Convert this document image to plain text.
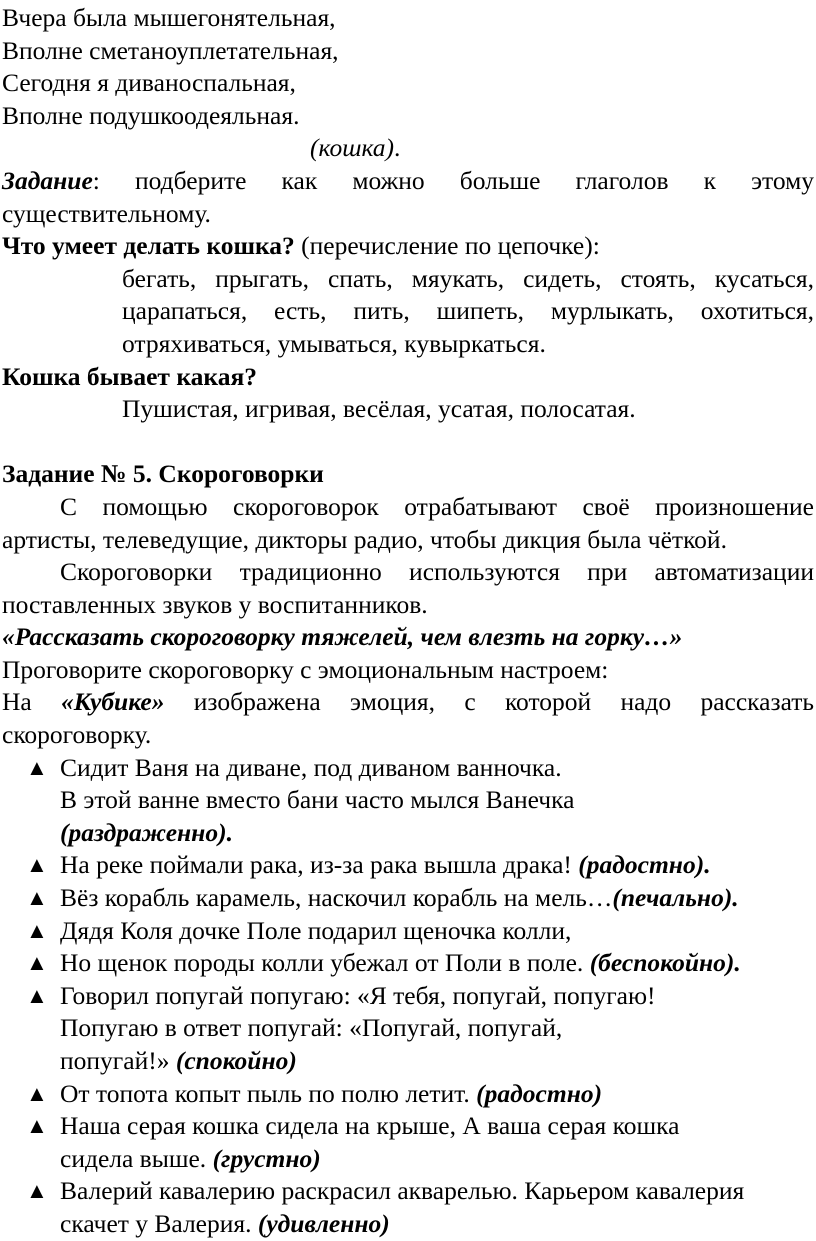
Вчера была мышегонятельная,
Вполне сметаноуплетательная,
Сегодня я диваноспальная,
Вполне подушкоодеяльная.
(кошка).
Задание: подберите как можно больше глаголов к этому
существительному.
Что умеет делать кошка? (перечисление по цепочке):
бегать, прыгать, спать, мяукать, сидеть, стоять, кусаться,
царапаться, есть, пить, шипеть, мурлыкать, охотиться,
отряхиваться, умываться, кувыркаться.
Кошка бывает какая?
Пушистая, игривая, весёлая, усатая, полосатая.
Задание № 5. Скороговорки
С помощью скороговорок отрабатывают своё произношение
артисты, телеведущие, дикторы радио, чтобы дикция была чёткой.
Скороговорки традиционно используются при автоматизации
поставленных звуков у воспитанников.
«Рассказать скороговорку тяжелей, чем влезть на горку…»
Проговорите скороговорку с эмоциональным настроем:
На «Кубике» изображена эмоция, с которой надо рассказать
скороговорку.
▲ Сидит Ваня на диване, под диваном ванночка.
В этой ванне вместо бани часто мылся Ванечка
(раздраженно).
▲ На реке поймали рака, из-за рака вышла драка! (радостно).
▲ Вёз корабль карамель, наскочил корабль на мель…(печально).
▲ Дядя Коля дочке Поле подарил щеночка колли,
▲ Но щенок породы колли убежал от Поли в поле. (беспокойно).
▲ Говорил попугай попугаю: «Я тебя, попугай, попугаю!
Попугаю в ответ попугай: «Попугай, попугай,
попугай!» (спокойно)
▲ От топота копыт пыль по полю летит. (радостно)
▲ Наша серая кошка сидела на крыше, А ваша серая кошка
сидела выше. (грустно)
▲ Валерий кавалерию раскрасил акварелью. Карьером кавалерия
скачет у Валерия. (удивленно)
